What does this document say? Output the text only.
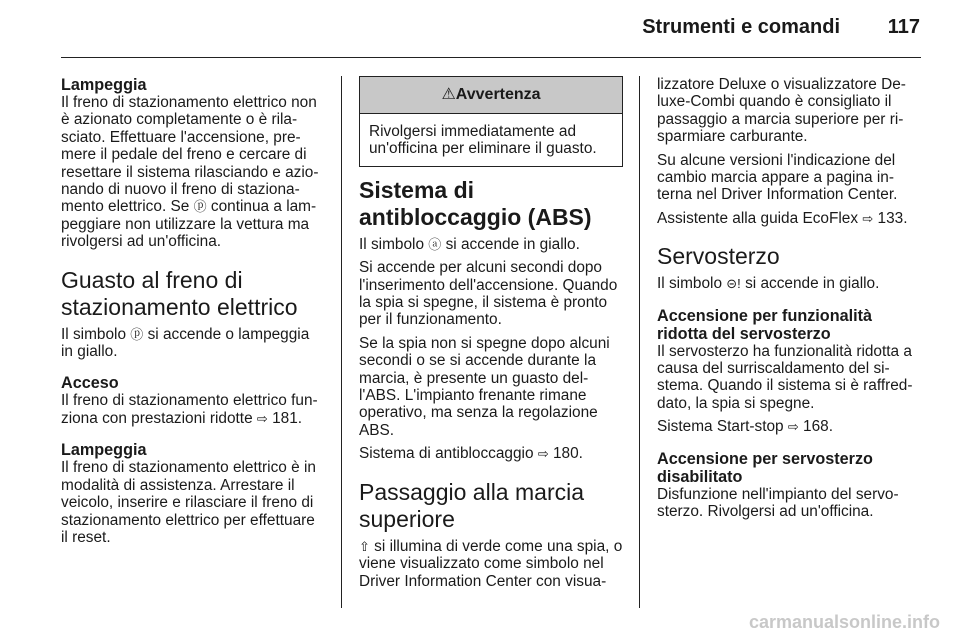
Strumenti e comandi	117
Lampeggia

Il freno di stazionamento elettrico non è azionato completamente o è rila-sciato. Effettuare l'accensione, pre-mere il pedale del freno e cercare di resettare il sistema rilasciando e azio-nando di nuovo il freno di staziona-mento elettrico. Se ⓟ continua a lam-peggiare non utilizzare la vettura ma rivolgersi ad un'officina.

Guasto al freno di stazionamento elettrico

Il simbolo ⓟ si accende o lampeggia in giallo.

Acceso

Il freno di stazionamento elettrico fun-ziona con prestazioni ridotte ⇨ 181.

Lampeggia

Il freno di stazionamento elettrico è in modalità di assistenza. Arrestare il veicolo, inserire e rilasciare il freno di stazionamento elettrico per effettuare il reset.

⚠Avvertenza
Rivolgersi immediatamente ad un'officina per eliminare il guasto.
Sistema di antibloccaggio (ABS)

Il simbolo ⓐ si accende in giallo.

Si accende per alcuni secondi dopo l'inserimento dell'accensione. Quando la spia si spegne, il sistema è pronto per il funzionamento.

Se la spia non si spegne dopo alcuni secondi o se si accende durante la marcia, è presente un guasto del-l'ABS. L'impianto frenante rimane operativo, ma senza la regolazione ABS.

Sistema di antibloccaggio ⇨ 180.

Passaggio alla marcia superiore

⇧ si illumina di verde come una spia, o viene visualizzato come simbolo nel Driver Information Center con visua-

lizzatore Deluxe o visualizzatore De-luxe-Combi quando è consigliato il passaggio a marcia superiore per ri-sparmiare carburante.

Su alcune versioni l'indicazione del cambio marcia appare a pagina in-terna nel Driver Information Center.

Assistente alla guida EcoFlex ⇨ 133.

Servosterzo

Il simbolo ⊝! si accende in giallo.

Accensione per funzionalità ridotta del servosterzo

Il servosterzo ha funzionalità ridotta a causa del surriscaldamento del si-stema. Quando il sistema si è raffred-dato, la spia si spegne.

Sistema Start-stop ⇨ 168.

Accensione per servosterzo disabilitato

Disfunzione nell'impianto del servo-sterzo. Rivolgersi ad un'officina.

carmanualsonline.info
